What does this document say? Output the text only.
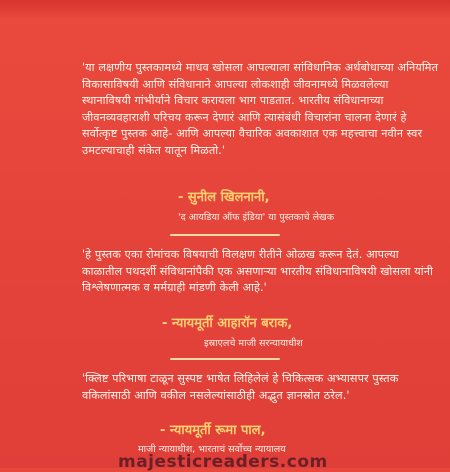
'या लक्षणीय पुस्तकामध्ये माधव खोसला आपल्याला सांविधानिक अर्थबोधाच्या अनियमित विकासाविषयी आणि संविधानाने आपल्या लोकशाही जीवनामध्ये मिळवलेल्या स्थानाविषयी गांभीर्याने विचार करायला भाग पाडतात. भारतीय संविधानाच्या जीवनव्यवहाराशी परिचय करून देणारं आणि त्यासंबंधी विचारांना चालना देणारं हे सर्वोत्कृष्ट पुस्तक आहे- आणि आपल्या वैचारिक अवकाशात एक महत्त्वाचा नवीन स्वर उमटल्याचाही संकेत यातून मिळतो.'
- सुनील खिलनानी,
'द आयडिया ऑफ इंडिया' या पुस्तकाचे लेखक
'हे पुस्तक एका रोमांचक विषयाची विलक्षण रीतीने ओळख करून देतं. आपल्या काळातील पथदर्शी संविधानांपैकी एक असणाऱ्या भारतीय संविधानाविषयी खोसला यांनी विश्लेषणात्मक व मर्मग्राही मांडणी केली आहे.'
- न्यायमूर्ती आहारॉन बराक,
इस्राएलचे माजी सरन्यायाधीश
'क्लिष्ट परिभाषा टाळून सुस्पष्ट भाषेत लिहिलेलं हे चिकित्सक अभ्यासपर पुस्तक वकिलांसाठी आणि वकील नसलेल्यांसाठीही अद्भुत ज्ञानस्रोत ठरेल.'
- न्यायमूर्ती रूमा पाल,
माजी न्यायाधीश, भारताचं सर्वोच्च न्यायालय
majesticreaders.com
